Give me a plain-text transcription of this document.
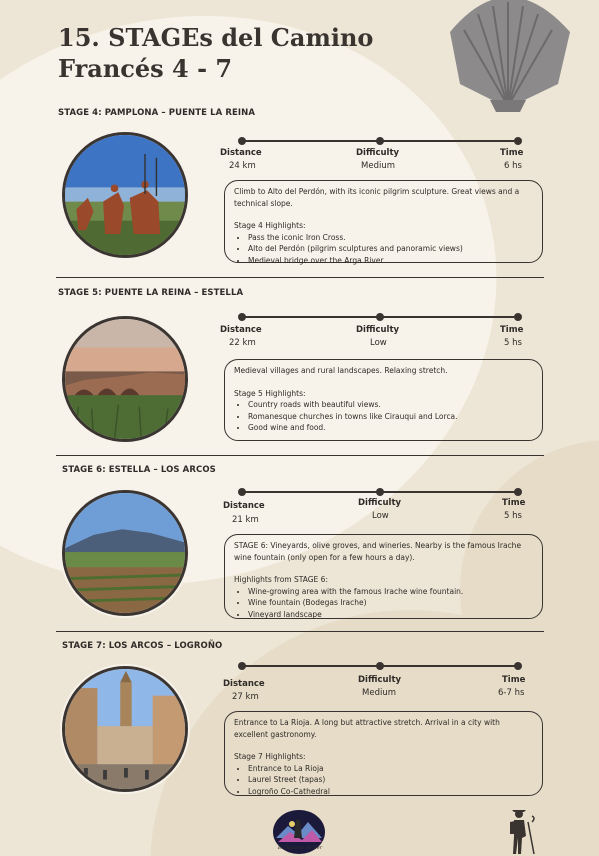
15. STAGEs del Camino Francés 4 - 7
STAGE 4: PAMPLONA – PUENTE LA REINA
Distance
24 km
Difficulty
Medium
Time
6 hs

Climb to Alto del Perdón, with its iconic pilgrim sculpture. Great views and a technical slope.

Stage 4 Highlights:

• Pass the iconic Iron Cross.
• Alto del Perdón (pilgrim sculptures and panoramic views)
• Medieval bridge over the Arga River
STAGE 5: PUENTE LA REINA – ESTELLA
Distance
22 km
Difficulty
Low
Time
5 hs

Medieval villages and rural landscapes. Relaxing stretch.

Stage 5 Highlights:

• Country roads with beautiful views.
• Romanesque churches in towns like Cirauqui and Lorca.
• Good wine and food.
STAGE 6: ESTELLA – LOS ARCOS
Distance
21 km
Difficulty
Low
Time
5 hs

STAGE 6: Vineyards, olive groves, and wineries. Nearby is the famous Irache wine fountain (only open for a few hours a day).

Highlights from STAGE 6:

• Wine-growing area with the famous Irache wine fountain.
• Wine fountain (Bodegas Irache)
• Vineyard landscape
STAGE 7: LOS ARCOS – LOGROÑO
Distance
27 km
Difficulty
Medium
Time
6-7 hs

Entrance to La Rioja. A long but attractive stretch. Arrival in a city with excellent gastronomy.

Stage 7 Highlights:

• Entrance to La Rioja
• Laurel Street (tapas)
• Logroño Co-Cathedral
El Paisano de Fer
